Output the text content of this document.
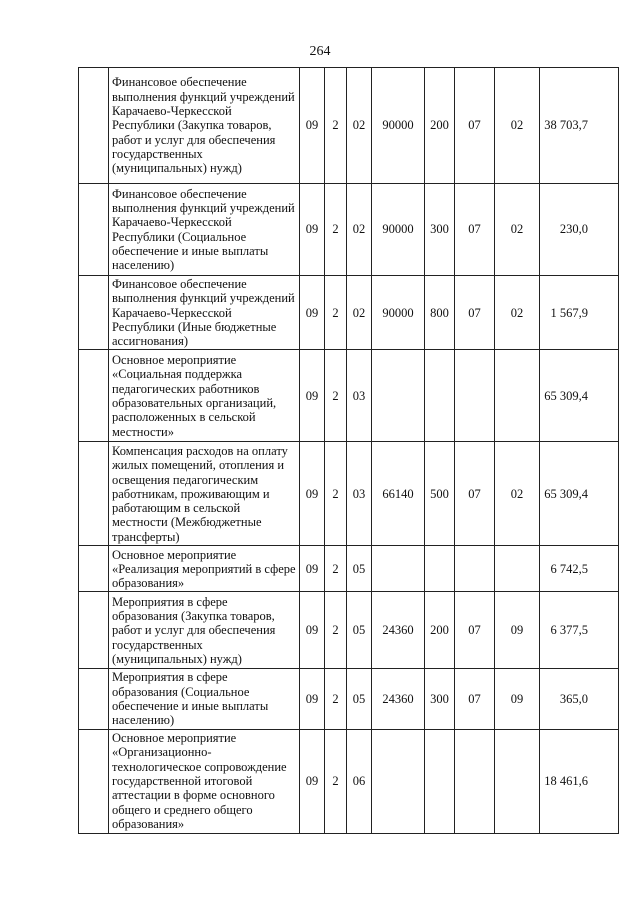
264
	Финансовое обеспечение выполнения функций учреждений Карачаево-Черкесской Республики (Закупка товаров, работ и услуг для обеспечения государственных (муниципальных) нужд)	09	2	02	90000	200	07	02	38 703,7
	Финансовое обеспечение выполнения функций учреждений Карачаево-Черкесской Республики (Социальное обеспечение и иные выплаты населению)	09	2	02	90000	300	07	02	230,0
	Финансовое обеспечение выполнения функций учреждений Карачаево-Черкесской Республики (Иные бюджетные ассигнования)	09	2	02	90000	800	07	02	1 567,9
	Основное мероприятие «Социальная поддержка педагогических работников образовательных организаций, расположенных в сельской местности»	09	2	03					65 309,4
	Компенсация расходов на оплату жилых помещений, отопления и освещения педагогическим работникам, проживающим и работающим в сельской местности (Межбюджетные трансферты)	09	2	03	66140	500	07	02	65 309,4
	Основное мероприятие «Реализация мероприятий в сфере образования»	09	2	05					6 742,5
	Мероприятия в сфере образования (Закупка товаров, работ и услуг для обеспечения государственных (муниципальных) нужд)	09	2	05	24360	200	07	09	6 377,5
	Мероприятия в сфере образования (Социальное обеспечение и иные выплаты населению)	09	2	05	24360	300	07	09	365,0
	Основное мероприятие «Организационно-технологическое сопровождение государственной итоговой аттестации в форме основного общего и среднего общего образования»	09	2	06					18 461,6
